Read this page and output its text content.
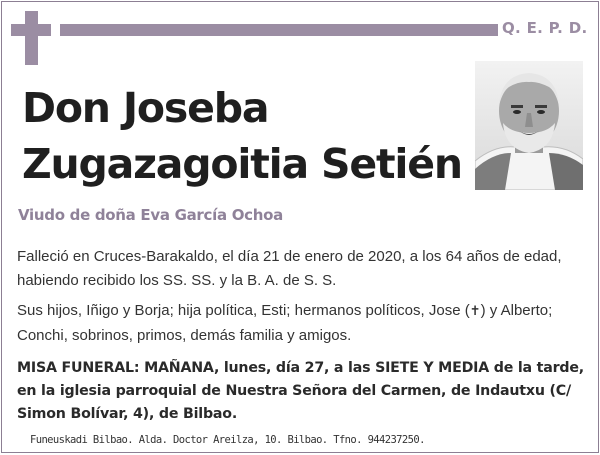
Q. E. P. D.
Don Joseba
Zugazagoitia Setién
Viudo de doña Eva García Ochoa

Falleció en Cruces-Barakaldo, el día 21 de enero de 2020, a los 64 años de edad, habiendo recibido los SS. SS. y la B. A. de S. S.

Sus hijos, Iñigo y Borja; hija política, Esti; hermanos políticos, Jose (✝) y Alberto; Conchi, sobrinos, primos, demás familia y amigos.

MISA FUNERAL: MAÑANA, lunes, día 27, a las SIETE Y MEDIA de la tarde, en la iglesia parroquial de Nuestra Señora del Carmen, de Indautxu (C/ Simon Bolívar, 4), de Bilbao.

Funeuskadi Bilbao. Alda. Doctor Areilza, 10. Bilbao. Tfno. 944237250.
